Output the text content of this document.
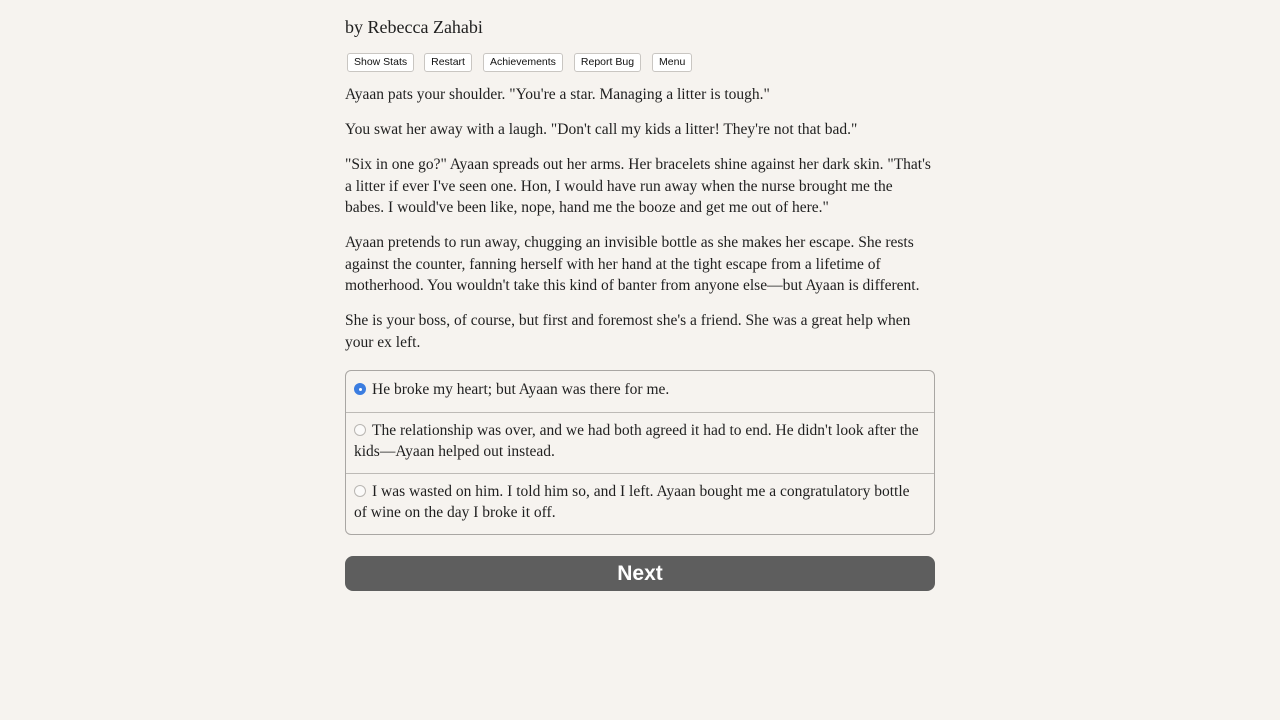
by Rebecca Zahabi
Show Stats	Restart	Achievements	Report Bug	Menu

Ayaan pats your shoulder. "You're a star. Managing a litter is tough."

You swat her away with a laugh. "Don't call my kids a litter! They're not that bad."

"Six in one go?" Ayaan spreads out her arms. Her bracelets shine against her dark skin. "That's a litter if ever I've seen one. Hon, I would have run away when the nurse brought me the babes. I would've been like, nope, hand me the booze and get me out of here."

Ayaan pretends to run away, chugging an invisible bottle as she makes her escape. She rests against the counter, fanning herself with her hand at the tight escape from a lifetime of motherhood. You wouldn't take this kind of banter from anyone else—but Ayaan is different.

She is your boss, of course, but first and foremost she's a friend. She was a great help when your ex left.

He broke my heart; but Ayaan was there for me.
The relationship was over, and we had both agreed it had to end. He didn't look after the kids—Ayaan helped out instead.
I was wasted on him. I told him so, and I left. Ayaan bought me a congratulatory bottle of wine on the day I broke it off.
Next
